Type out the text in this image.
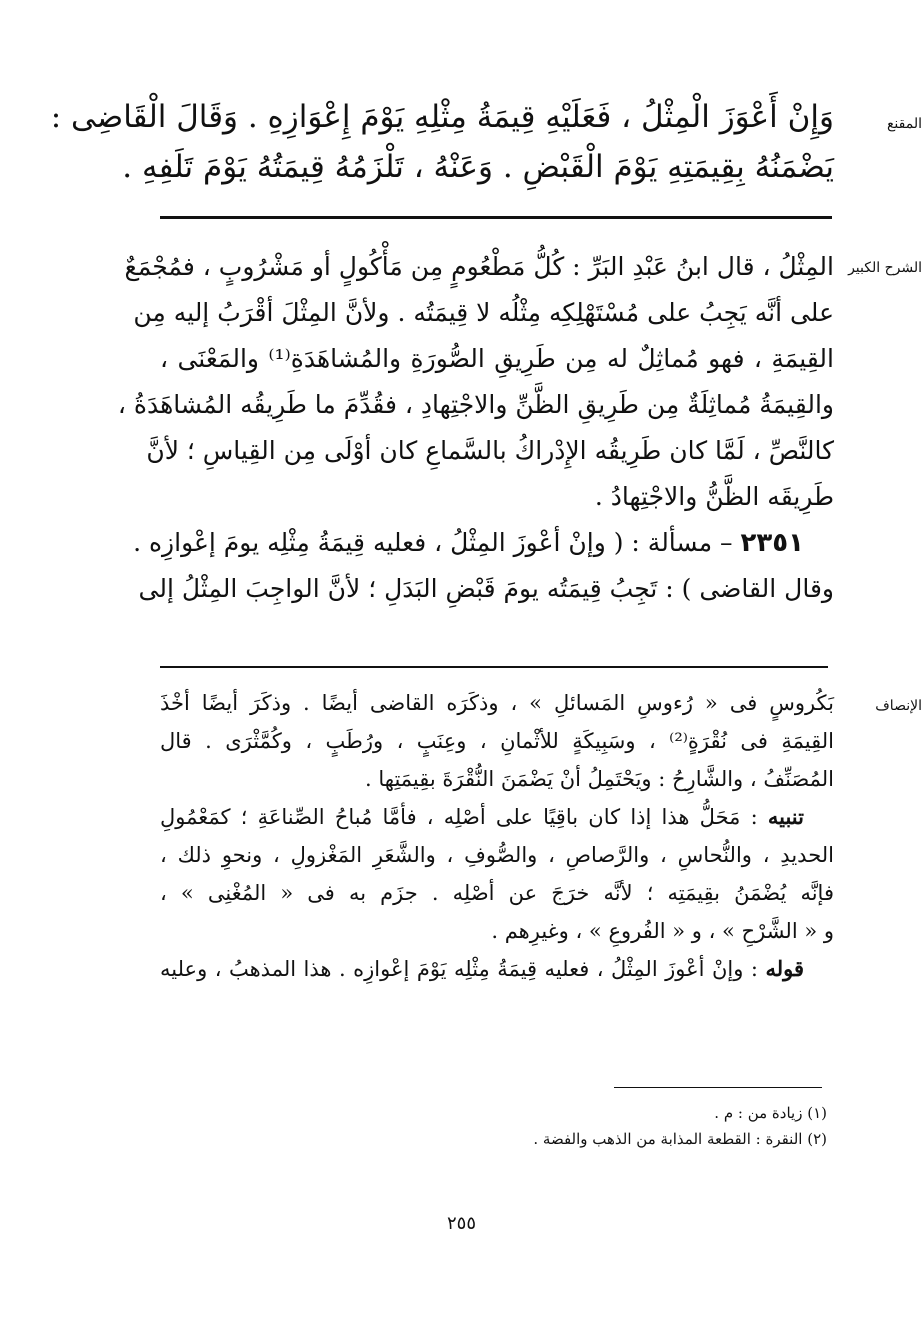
المقنع
وَإِنْ أَعْوَزَ الْمِثْلُ ، فَعَلَيْهِ قِيمَةُ مِثْلِهِ يَوْمَ إِعْوَازِهِ . وَقَالَ الْقَاضِى :
يَضْمَنُهُ بِقِيمَتِهِ يَوْمَ الْقَبْضِ . وَعَنْهُ ، تَلْزَمُهُ قِيمَتُهُ يَوْمَ تَلَفِهِ .
الشرح الكبير
المِثْلُ ، قال ابنُ عَبْدِ البَرِّ : كُلُّ مَطْعُومٍ مِن مَأْكُولٍ أو مَشْرُوبٍ ، فمُجْمَعٌ
على أنَّه يَجِبُ على مُسْتَهْلِكِه مِثْلُه لا قِيمَتُه . ولأنَّ المِثْلَ أقْرَبُ إليه مِن
القِيمَةِ ، فهو مُماثِلٌ له مِن طَرِيقِ الصُّورَةِ والمُشاهَدَةِ⁽¹⁾ والمَعْنَى ،
والقِيمَةُ مُماثِلَةٌ مِن طَرِيقِ الظَّنِّ والاجْتِهادِ ، فقُدِّمَ ما طَرِيقُه المُشاهَدَةُ ،
كالنَّصِّ ، لَمَّا كان طَرِيقُه الإِدْراكُ بالسَّماعِ كان أوْلَى مِن القِياسِ ؛ لأنَّ
طَرِيقَه الظَّنُّ والاجْتِهادُ .
٢٣٥١ – مسألة : ( وإنْ أعْوزَ المِثْلُ ، فعليه قِيمَةُ مِثْلِه يومَ إعْوازِه .
وقال القاضى ) : تَجِبُ قِيمَتُه يومَ قَبْضِ البَدَلِ ؛ لأنَّ الواجِبَ المِثْلُ إلى
الإنصاف
بَكُروسٍ فى « رُءوسِ المَسائلِ » ، وذكَرَه القاضى أيضًا . وذكَرَ أيضًا أخْذَ
القِيمَةِ فى نُقْرَةٍ⁽²⁾ ، وسَبِيكَةٍ للأثْمانِ ، وعِنَبٍ ، ورُطَبٍ ، وكُمَّثْرَى . قال
المُصَنِّفُ ، والشَّارِحُ : ويَحْتَمِلُ أنْ يَضْمَنَ النُّقْرَةَ بقِيمَتِها .
تنبيه : مَحَلُّ هذا إذا كان باقِيًا على أصْلِه ، فأمَّا مُباحُ الصِّناعَةِ ؛ كمَعْمُولِ
الحديدِ ، والنُّحاسِ ، والرَّصاصِ ، والصُّوفِ ، والشَّعَرِ المَغْزولِ ، ونحوِ ذلك ،
فإنَّه يُضْمَنُ بقِيمَتِه ؛ لأنَّه خرَجَ عن أصْلِه . جزَم به فى « المُغْنِى » ،
و « الشَّرْحِ » ، و « الفُروعِ » ، وغيرِهم .
قوله : وإنْ أعْوزَ المِثْلُ ، فعليه قِيمَةُ مِثْلِه يَوْمَ إعْوازِه . هذا المذهبُ ، وعليه
(١) زيادة من : م .
(٢) النقرة : القطعة المذابة من الذهب والفضة .
٢٥٥
